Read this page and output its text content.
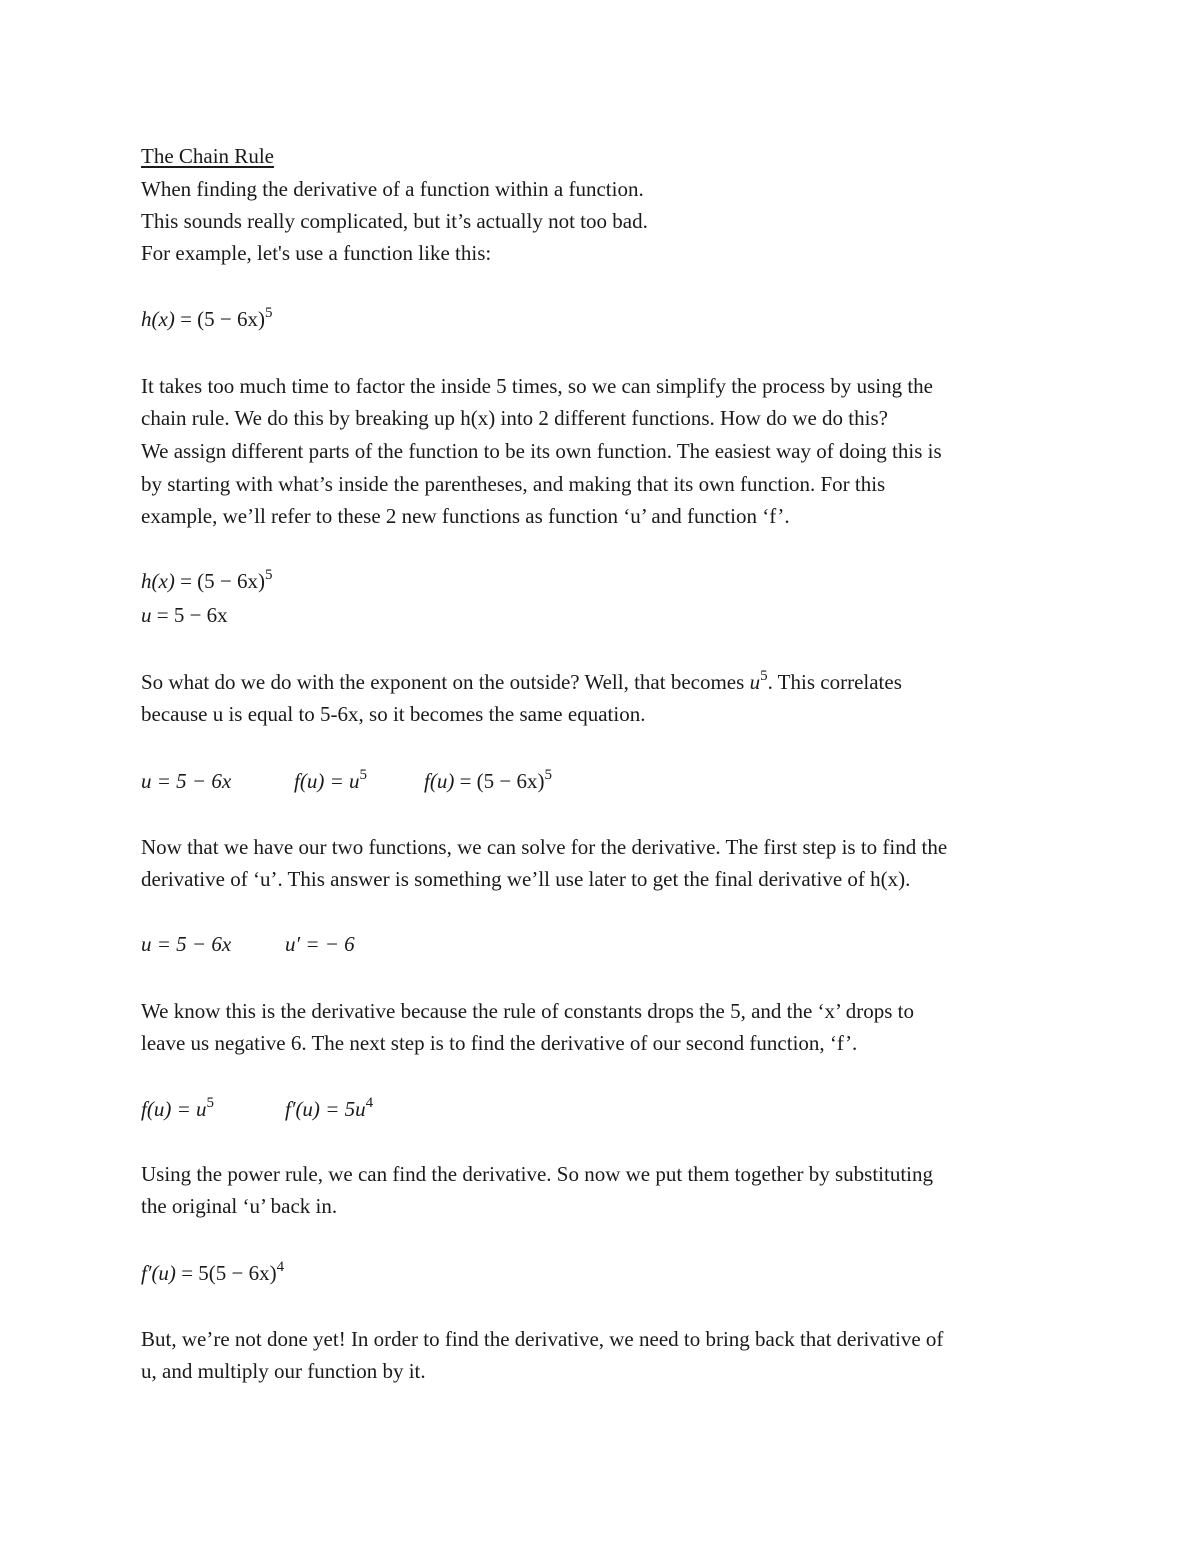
The Chain Rule
When finding the derivative of a function within a function.
This sounds really complicated, but it’s actually not too bad.
For example, let's use a function like this:
$h(x) = (5 - 6x)^5$
It takes too much time to factor the inside 5 times, so we can simplify the process by using the
chain rule. We do this by breaking up h(x) into 2 different functions. How do we do this?
We assign different parts of the function to be its own function. The easiest way of doing this is
by starting with what’s inside the parentheses, and making that its own function. For this
example, we’ll refer to these 2 new functions as function ‘u’ and function ‘f’.
$h(x) = (5 - 6x)^5$
u = 5 − 6x
So what do we do with the exponent on the outside? Well, that becomes $u^5$. This correlates
because u is equal to 5-6x, so it becomes the same equation.
u = 5 − 6x	$f(u) = u^5$	$f(u) = (5 - 6x)^5$
Now that we have our two functions, we can solve for the derivative. The first step is to find the
derivative of ‘u’. This answer is something we’ll use later to get the final derivative of h(x).
u = 5 − 6x	u′ = − 6
We know this is the derivative because the rule of constants drops the 5, and the ‘x’ drops to
leave us negative 6. The next step is to find the derivative of our second function, ‘f’.
$f(u) = u^5$	$f'(u) = 5u^4$
Using the power rule, we can find the derivative. So now we put them together by substituting
the original ‘u’ back in.
$f'(u) = 5(5 - 6x)^4$
But, we’re not done yet! In order to find the derivative, we need to bring back that derivative of
u, and multiply our function by it.
